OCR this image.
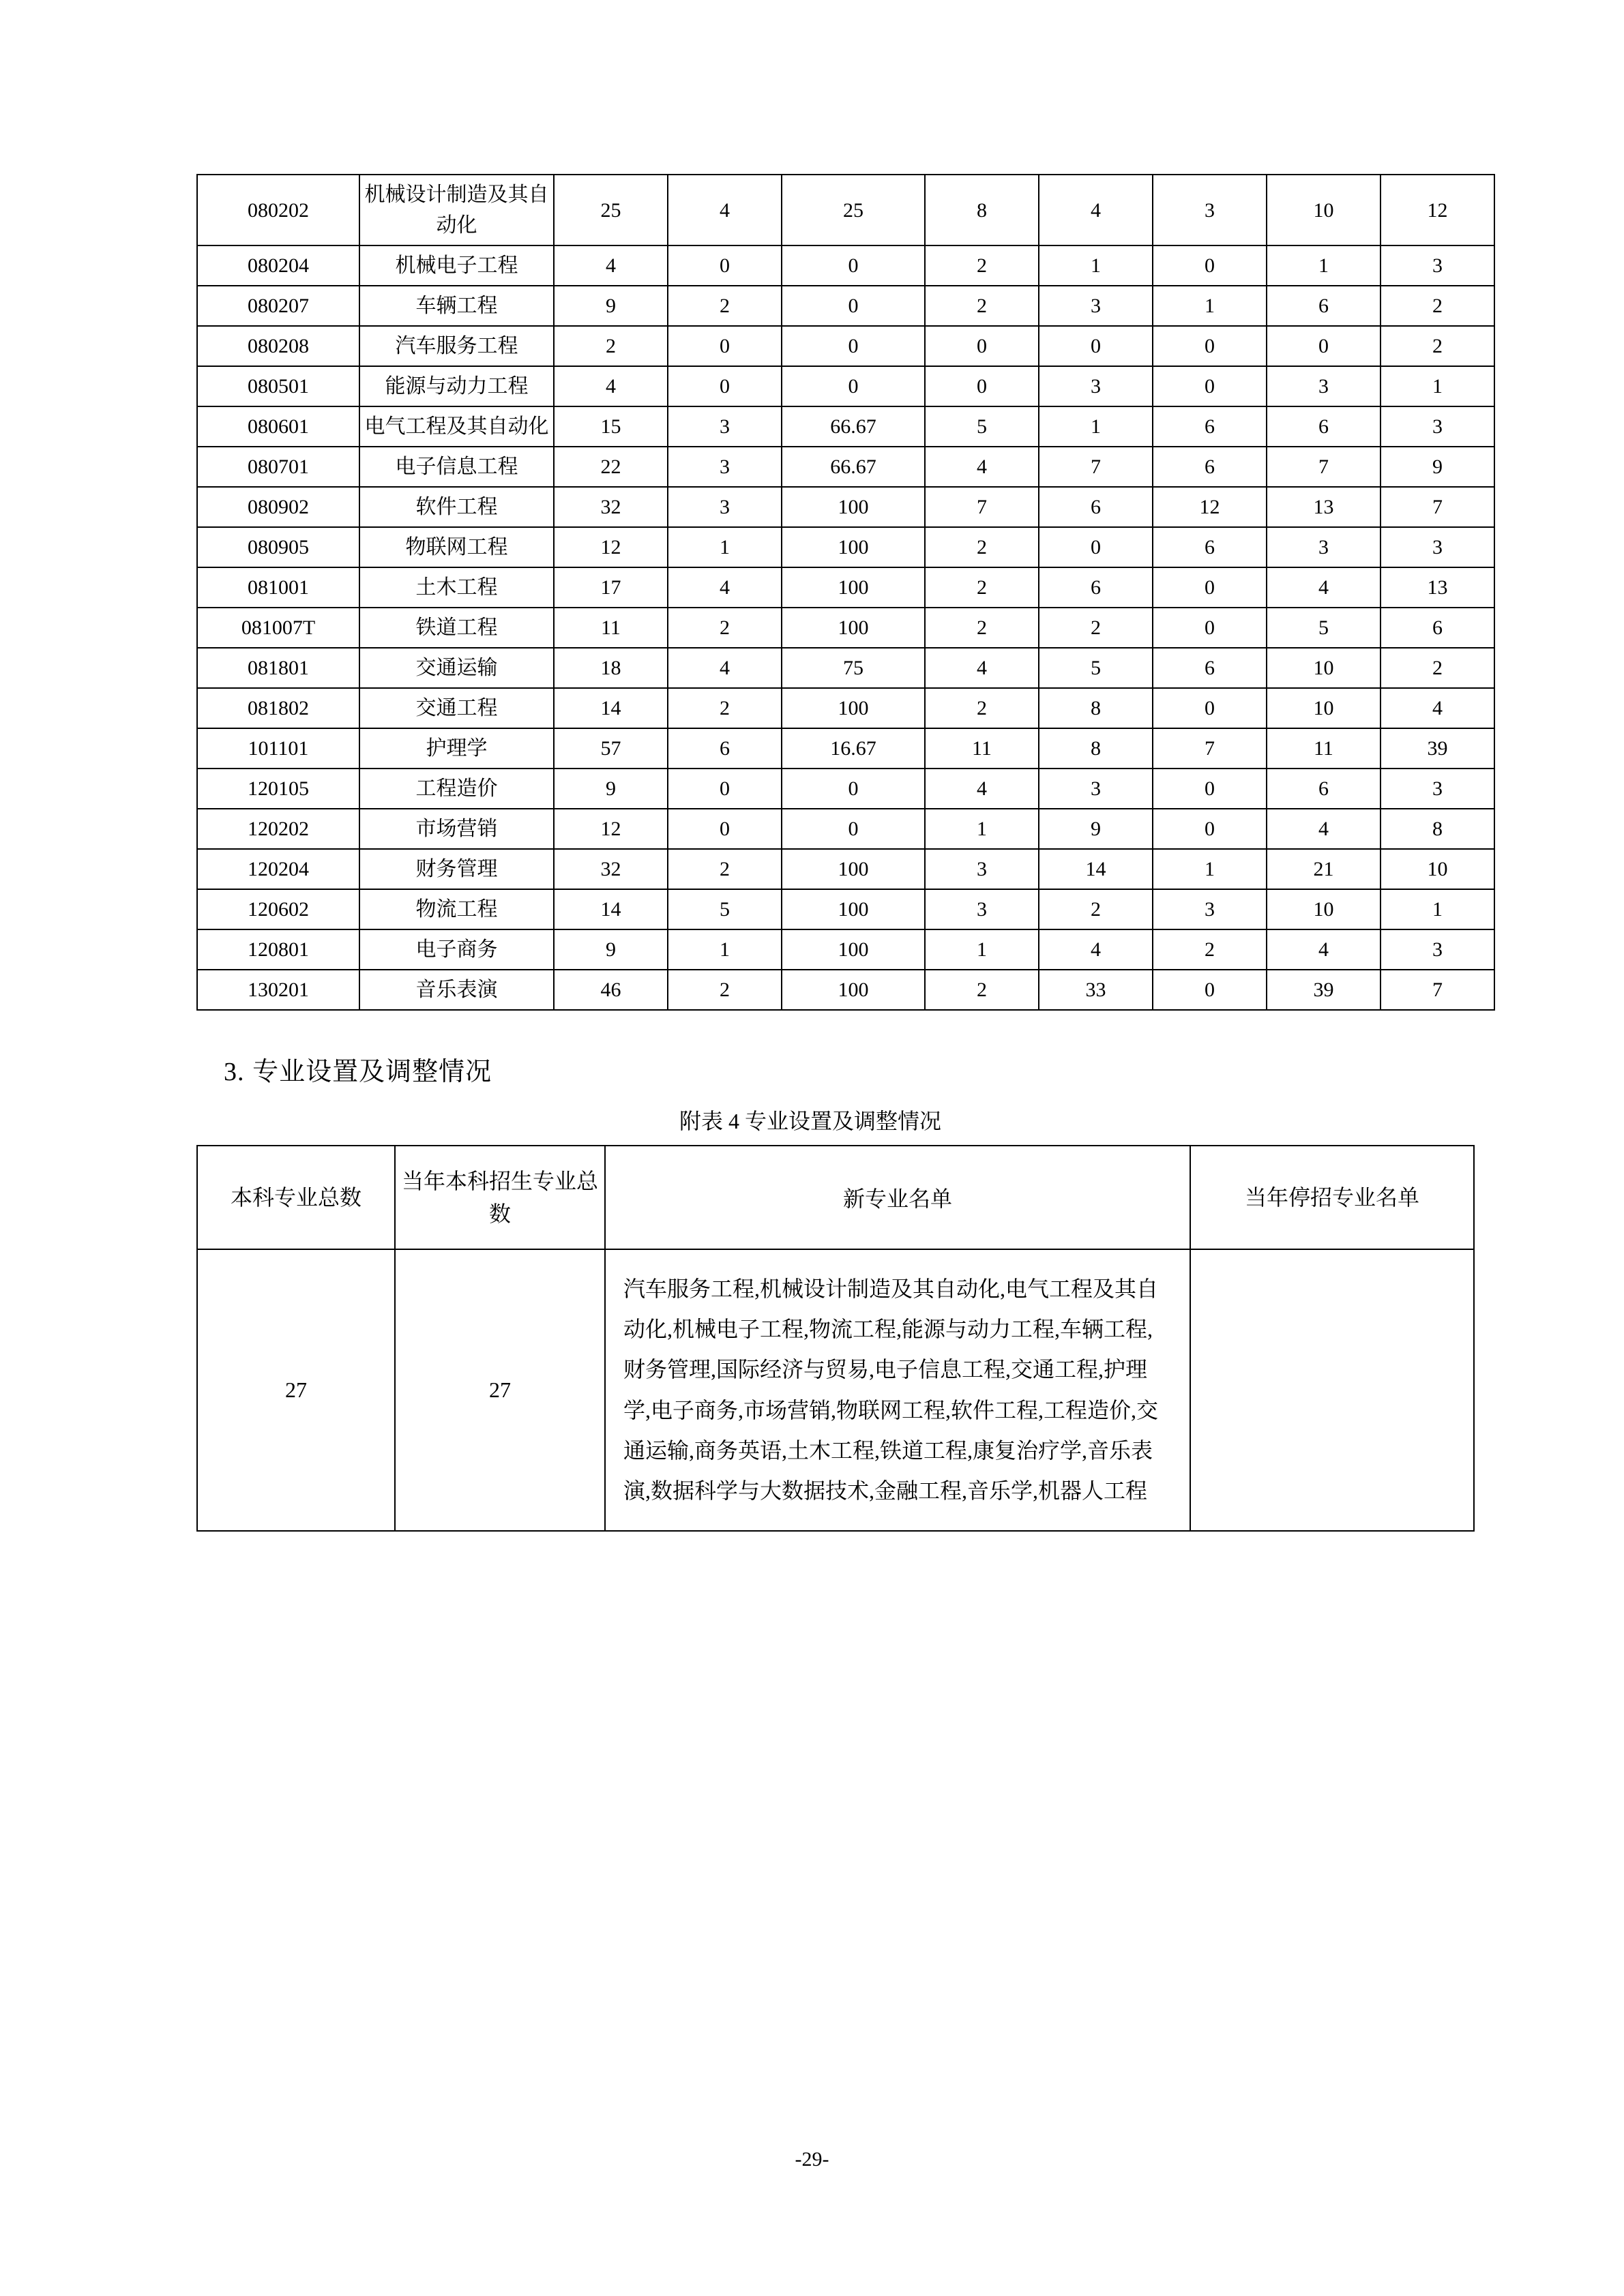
080202	机械设计制造及其自动化	25	4	25	8	4	3	10	12
080204	机械电子工程	4	0	0	2	1	0	1	3
080207	车辆工程	9	2	0	2	3	1	6	2
080208	汽车服务工程	2	0	0	0	0	0	0	2
080501	能源与动力工程	4	0	0	0	3	0	3	1
080601	电气工程及其自动化	15	3	66.67	5	1	6	6	3
080701	电子信息工程	22	3	66.67	4	7	6	7	9
080902	软件工程	32	3	100	7	6	12	13	7
080905	物联网工程	12	1	100	2	0	6	3	3
081001	土木工程	17	4	100	2	6	0	4	13
081007T	铁道工程	11	2	100	2	2	0	5	6
081801	交通运输	18	4	75	4	5	6	10	2
081802	交通工程	14	2	100	2	8	0	10	4
101101	护理学	57	6	16.67	11	8	7	11	39
120105	工程造价	9	0	0	4	3	0	6	3
120202	市场营销	12	0	0	1	9	0	4	8
120204	财务管理	32	2	100	3	14	1	21	10
120602	物流工程	14	5	100	3	2	3	10	1
120801	电子商务	9	1	100	1	4	2	4	3
130201	音乐表演	46	2	100	2	33	0	39	7
3. 专业设置及调整情况
附表 4 专业设置及调整情况
本科专业总数	当年本科招生专业总数	新专业名单	当年停招专业名单
27	27	汽车服务工程,机械设计制造及其自动化,电气工程及其自动化,机械电子工程,物流工程,能源与动力工程,车辆工程,财务管理,国际经济与贸易,电子信息工程,交通工程,护理学,电子商务,市场营销,物联网工程,软件工程,工程造价,交通运输,商务英语,土木工程,铁道工程,康复治疗学,音乐表演,数据科学与大数据技术,金融工程,音乐学,机器人工程	
-29-
